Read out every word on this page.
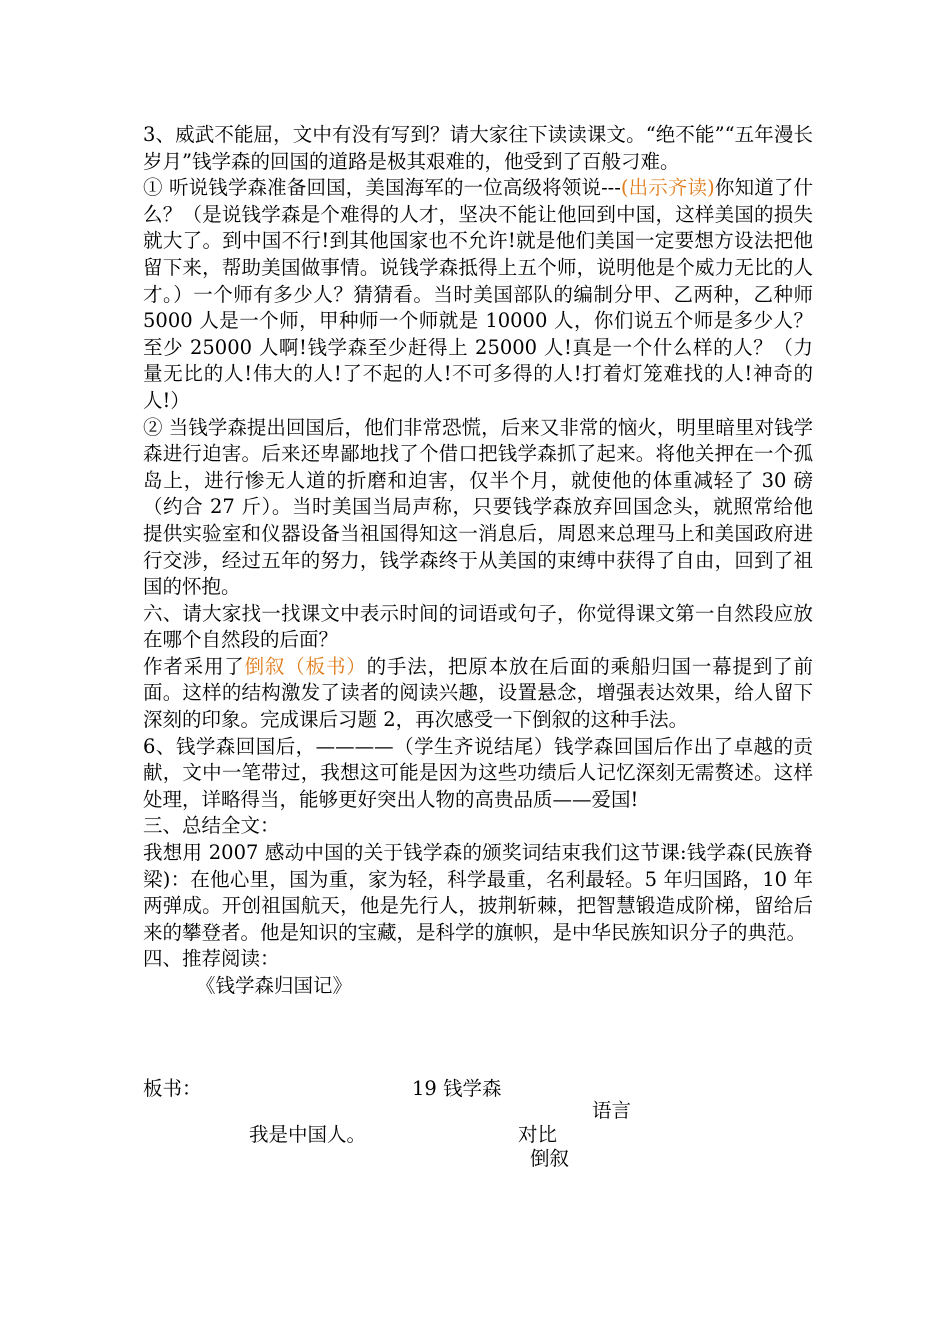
3、威武不能屈，文中有没有写到？请大家往下读读课文。“绝不能”“五年漫长岁月”钱学森的回国的道路是极其艰难的，他受到了百般刁难。

① 听说钱学森准备回国，美国海军的一位高级将领说---(出示齐读)你知道了什么？（是说钱学森是个难得的人才，坚决不能让他回到中国，这样美国的损失就大了。到中国不行!到其他国家也不允许!就是他们美国一定要想方设法把他留下来，帮助美国做事情。说钱学森抵得上五个师，说明他是个威力无比的人才。）一个师有多少人？猜猜看。当时美国部队的编制分甲、乙两种，乙种师 5000 人是一个师，甲种师一个师就是 10000 人，你们说五个师是多少人？至少 25000 人啊!钱学森至少赶得上 25000 人!真是一个什么样的人？（力量无比的人!伟大的人!了不起的人!不可多得的人!打着灯笼难找的人!神奇的人!）

② 当钱学森提出回国后，他们非常恐慌，后来又非常的恼火，明里暗里对钱学森进行迫害。后来还卑鄙地找了个借口把钱学森抓了起来。将他关押在一个孤岛上，进行惨无人道的折磨和迫害，仅半个月，就使他的体重减轻了 30 磅（约合 27 斤）。当时美国当局声称，只要钱学森放弃回国念头，就照常给他提供实验室和仪器设备当祖国得知这一消息后，周恩来总理马上和美国政府进行交涉，经过五年的努力，钱学森终于从美国的束缚中获得了自由，回到了祖国的怀抱。

六、请大家找一找课文中表示时间的词语或句子，你觉得课文第一自然段应放在哪个自然段的后面？

作者采用了倒叙（板书）的手法，把原本放在后面的乘船归国一幕提到了前面。这样的结构激发了读者的阅读兴趣，设置悬念，增强表达效果，给人留下深刻的印象。完成课后习题 2，再次感受一下倒叙的这种手法。

6、钱学森回国后，————（学生齐说结尾）钱学森回国后作出了卓越的贡献，文中一笔带过，我想这可能是因为这些功绩后人记忆深刻无需赘述。这样处理，详略得当，能够更好突出人物的高贵品质——爱国!

三、总结全文：

我想用 2007 感动中国的关于钱学森的颁奖词结束我们这节课:钱学森(民族脊梁)：在他心里，国为重，家为轻，科学最重，名利最轻。5 年归国路，10 年两弹成。开创祖国航天，他是先行人，披荆斩棘，把智慧锻造成阶梯，留给后来的攀登者。他是知识的宝藏，是科学的旗帜，是中华民族知识分子的典范。

四、推荐阅读：

《钱学森归国记》

板书：	19 钱学森
语言
我是中国人。	对比
倒叙
